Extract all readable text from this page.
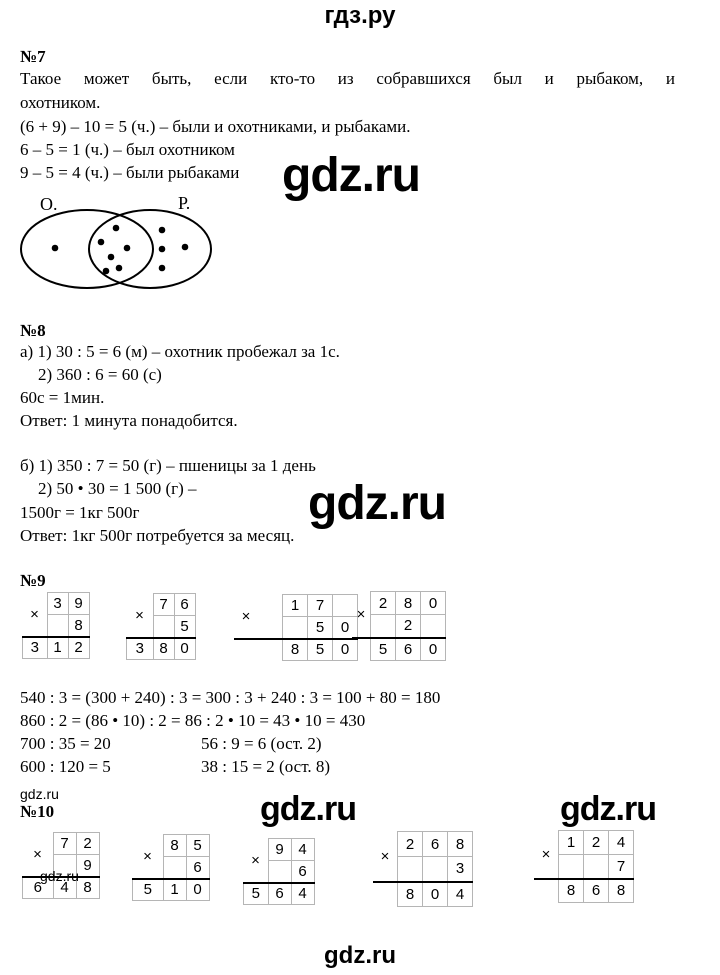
гдз.ру
№7
Такое может быть, если кто-то из собравшихся был и рыбаком, и
охотником.
(6 + 9) – 10 = 5 (ч.) – были и охотниками, и рыбаками.
6 – 5 = 1 (ч.) – был охотником
9 – 5 = 4 (ч.) – были рыбаками gdz.ru
О.	Р.
№8
а) 1) 30 : 5 = 6 (м) – охотник пробежал за 1с.
2) 360 : 6 = 60 (с)
60с = 1мин.
Ответ: 1 минута понадобится.
б) 1) 350 : 7 = 50 (г) – пшеницы за 1 день
2) 50 • 30 = 1 500 (г) –
1500г = 1кг 500г
Ответ: 1кг 500г потребуется за месяц.
gdz.ru
№9
×	3	9
		8
3	1	2
×	7	6
		5
3	8	0
×		1	7	
			5	0
		8	5	0
×	2	8	0
		2	
	5	6	0
540 : 3 = (300 + 240) : 3 = 300 : 3 + 240 : 3 = 100 + 80 = 180
860 : 2 = (86 • 10) : 2 = 86 : 2 • 10 = 43 • 10 = 430
700 : 35 = 20	56 : 9 = 6 (ост. 2)
600 : 120 = 5	38 : 15 = 2 (ост. 8)
gdz.ru
№10	gdz.ru	gdz.ru
×	7	2
		9
6	4	8
gdz.ru
×	8	5
		6
5	1	0
×	9	4
		6
5	6	4
×	2	6	8
			3
	8	0	4
×	1	2	4
			7
	8	6	8
gdz.ru
